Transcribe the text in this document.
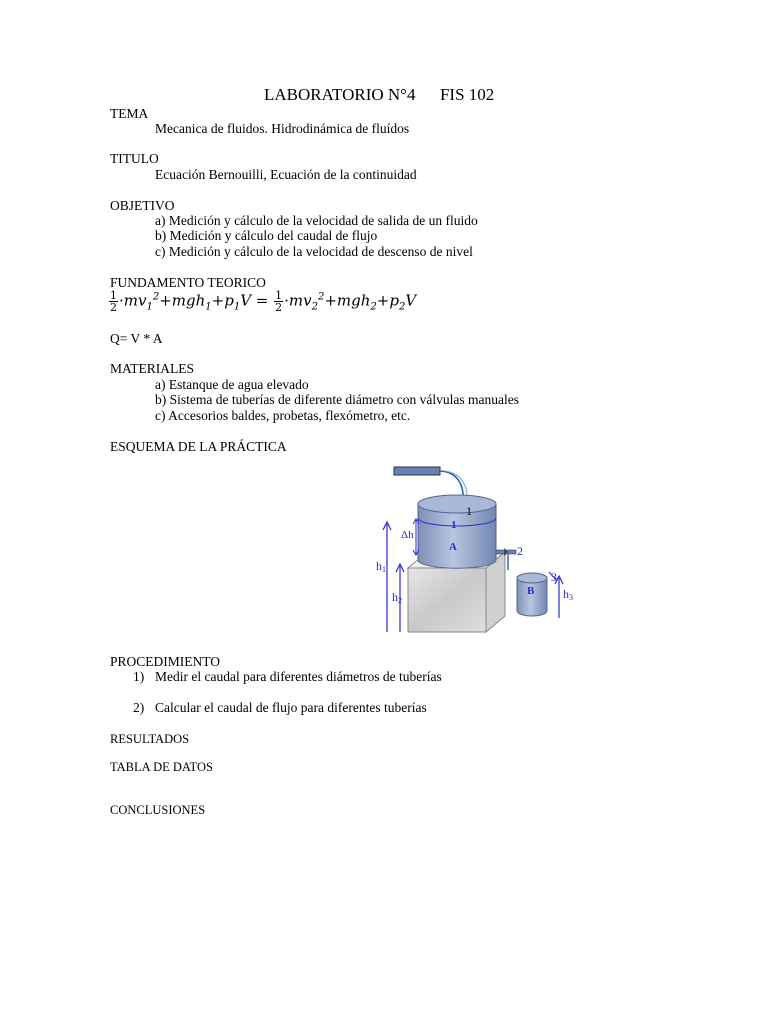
LABORATORIO N°4 FIS 102
TEMA
Mecanica de fluidos. Hidrodinámica de fluídos
TITULO
Ecuación Bernouilli, Ecuación de la continuidad
OBJETIVO
a) Medición y cálculo de la velocidad de salida de un fluido
b) Medición y cálculo del caudal de flujo
c) Medición y cálculo de la velocidad de descenso de nivel
FUNDAMENTO TEORICO
$\frac{1}{2} \cdot mv_1^2+mgh_1+p_1V = \frac{1}{2} \cdot mv_2^2+mgh_2+p_2V$
Q= V * A
MATERIALES
a) Estanque de agua elevado
b) Sistema de tuberías de diferente diámetro con válvulas manuales
c) Accesorios baldes, probetas, flexómetro, etc.
ESQUEMA DE LA PRÁCTICA
1
1
A
Δh
h1
h2
2
3
B h3
PROCEDIMIENTO
1) Medir el caudal para diferentes diámetros de tuberías
2) Calcular el caudal de flujo para diferentes tuberías
RESULTADOS
TABLA DE DATOS
CONCLUSIONES
